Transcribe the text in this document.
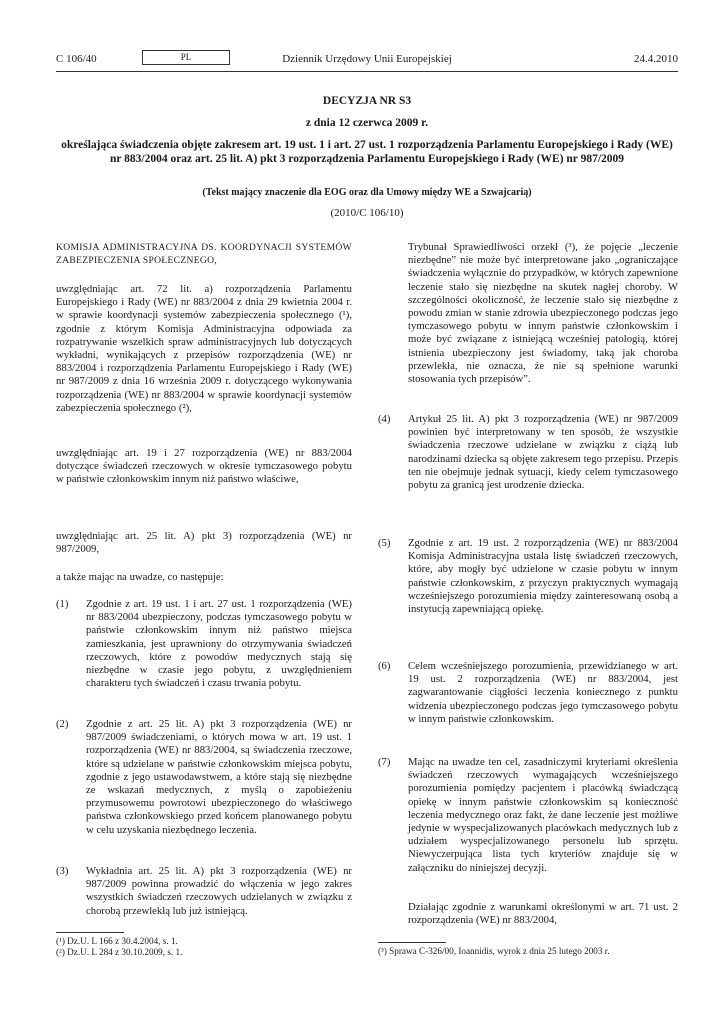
C 106/40	PL	Dziennik Urzędowy Unii Europejskiej	24.4.2010
DECYZJA NR S3
z dnia 12 czerwca 2009 r.
określająca świadczenia objęte zakresem art. 19 ust. 1 i art. 27 ust. 1 rozporządzenia Parlamentu Europejskiego i Rady (WE) nr 883/2004 oraz art. 25 lit. A) pkt 3 rozporządzenia Parlamentu Europejskiego i Rady (WE) nr 987/2009
(Tekst mający znaczenie dla EOG oraz dla Umowy między WE a Szwajcarią)
(2010/C 106/10)
KOMISJA ADMINISTRACYJNA DS. KOORDYNACJI SYSTEMÓW ZABEZPIECZENIA SPOŁECZNEGO,
uwzględniając art. 72 lit. a) rozporządzenia Parlamentu Europejskiego i Rady (WE) nr 883/2004 z dnia 29 kwietnia 2004 r. w sprawie koordynacji systemów zabezpieczenia społecznego (¹), zgodnie z którym Komisja Administracyjna odpowiada za rozpatrywanie wszelkich spraw administracyjnych lub dotyczących wykładni, wynikających z przepisów rozporządzenia (WE) nr 883/2004 i rozporządzenia Parlamentu Europejskiego i Rady (WE) nr 987/2009 z dnia 16 września 2009 r. dotyczącego wykonywania rozporządzenia (WE) nr 883/2004 w sprawie koordynacji systemów zabezpieczenia społecznego (²),
uwzględniając art. 19 i 27 rozporządzenia (WE) nr 883/2004 dotyczące świadczeń rzeczowych w okresie tymczasowego pobytu w państwie członkowskim innym niż państwo właściwe,
uwzględniając art. 25 lit. A) pkt 3) rozporządzenia (WE) nr 987/2009,
a także mając na uwadze, co następuje:
(1) Zgodnie z art. 19 ust. 1 i art. 27 ust. 1 rozporządzenia (WE) nr 883/2004 ubezpieczony, podczas tymczasowego pobytu w państwie członkowskim innym niż państwo miejsca zamieszkania, jest uprawniony do otrzymywania świadczeń rzeczowych, które z powodów medycznych stają się niezbędne w czasie jego pobytu, z uwzględnieniem charakteru tych świadczeń i czasu trwania pobytu.
(2) Zgodnie z art. 25 lit. A) pkt 3 rozporządzenia (WE) nr 987/2009 świadczeniami, o których mowa w art. 19 ust. 1 rozporządzenia (WE) nr 883/2004, są świadczenia rzeczowe, które są udzielane w państwie członkowskim miejsca pobytu, zgodnie z jego ustawodawstwem, a które stają się niezbędne ze wskazań medycznych, z myślą o zapobieżeniu przymusowemu powrotowi ubezpieczonego do właściwego państwa członkowskiego przed końcem planowanego pobytu w celu uzyskania niezbędnego leczenia.
(3) Wykładnia art. 25 lit. A) pkt 3 rozporządzenia (WE) nr 987/2009 powinna prowadzić do włączenia w jego zakres wszystkich świadczeń rzeczowych udzielanych w związku z chorobą przewlekłą lub już istniejącą.
(¹) Dz.U. L 166 z 30.4.2004, s. 1.
(²) Dz.U. L 284 z 30.10.2009, s. 1.
Trybunał Sprawiedliwości orzekł (³), że pojęcie „leczenie niezbędne” nie może być interpretowane jako „ograniczające świadczenia wyłącznie do przypadków, w których zapewnione leczenie stało się niezbędne na skutek nagłej choroby. W szczególności okoliczność, że leczenie stało się niezbędne z powodu zmian w stanie zdrowia ubezpieczonego podczas jego tymczasowego pobytu w innym państwie członkowskim i może być związane z istniejącą wcześniej patologią, której istnienia ubezpieczony jest świadomy, taką jak choroba przewlekła, nie oznacza, że nie są spełnione warunki stosowania tych przepisów”.
(4) Artykuł 25 lit. A) pkt 3 rozporządzenia (WE) nr 987/2009 powinien być interpretowany w ten sposób, że wszystkie świadczenia rzeczowe udzielane w związku z ciążą lub narodzinami dziecka są objęte zakresem tego przepisu. Przepis ten nie obejmuje jednak sytuacji, kiedy celem tymczasowego pobytu za granicą jest urodzenie dziecka.
(5) Zgodnie z art. 19 ust. 2 rozporządzenia (WE) nr 883/2004 Komisja Administracyjna ustala listę świadczeń rzeczowych, które, aby mogły być udzielone w czasie pobytu w innym państwie członkowskim, z przyczyn praktycznych wymagają wcześniejszego porozumienia między zainteresowaną osobą a instytucją zapewniającą opiekę.
(6) Celem wcześniejszego porozumienia, przewidzianego w art. 19 ust. 2 rozporządzenia (WE) nr 883/2004, jest zagwarantowanie ciągłości leczenia koniecznego z punktu widzenia ubezpieczonego podczas jego tymczasowego pobytu w innym państwie członkowskim.
(7) Mając na uwadze ten cel, zasadniczymi kryteriami określenia świadczeń rzeczowych wymagających wcześniejszego porozumienia pomiędzy pacjentem i placówką świadczącą opiekę w innym państwie członkowskim są konieczność leczenia medycznego oraz fakt, że dane leczenie jest możliwe jedynie w wyspecjalizowanych placówkach medycznych lub z udziałem wyspecjalizowanego personelu lub sprzętu. Niewyczerpująca lista tych kryteriów znajduje się w załączniku do niniejszej decyzji.
Działając zgodnie z warunkami określonymi w art. 71 ust. 2 rozporządzenia (WE) nr 883/2004,
(³) Sprawa C-326/00, Ioannidis, wyrok z dnia 25 lutego 2003 r.
